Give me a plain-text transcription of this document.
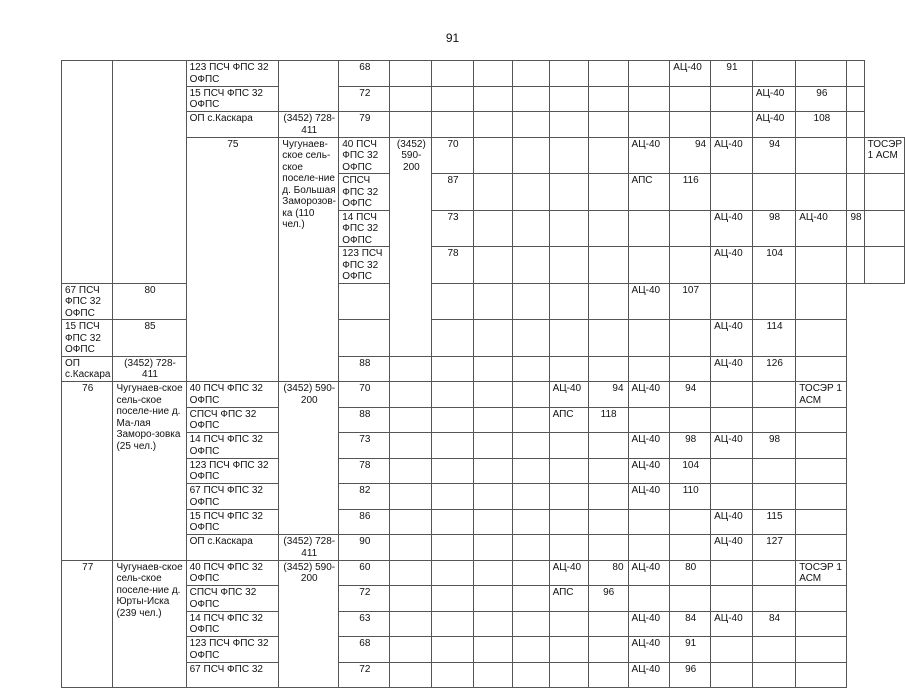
91
		123 ПСЧ ФПС 32 ОФПС		68								АЦ-40	91				
		15 ПСЧ ФПС 32 ОФПС		72										АЦ-40	96		
		ОП с.Каскара	(3452) 728-411	79										АЦ-40	108		
		75	Чугунаев-ское сель-ское поселе-ние д. Большая Заморозов-ка (110 чел.)	40 ПСЧ ФПС 32 ОФПС	(3452) 590-200	70					АЦ-40	94	АЦ-40	94			ТОСЭР 1 АСМ
				СПСЧ ФПС 32 ОФПС		87					АПС	116					
				14 ПСЧ ФПС 32 ОФПС		73							АЦ-40	98	АЦ-40	98	
				123 ПСЧ ФПС 32 ОФПС		78							АЦ-40	104			
67 ПСЧ ФПС 32 ОФПС	80										АЦ-40	107					
15 ПСЧ ФПС 32 ОФПС	85												АЦ-40	114			
ОП с.Каскара	(3452) 728-411			88									АЦ-40	126			
76	Чугунаев-ское сель-ское поселе-ние д. Ма-лая Заморо-зовка (25 чел.)	40 ПСЧ ФПС 32 ОФПС	(3452) 590-200	70					АЦ-40	94	АЦ-40	94			ТОСЭР 1 АСМ		
		СПСЧ ФПС 32 ОФПС		88					АПС	118							
		14 ПСЧ ФПС 32 ОФПС		73							АЦ-40	98	АЦ-40	98			
		123 ПСЧ ФПС 32 ОФПС		78							АЦ-40	104					
		67 ПСЧ ФПС 32 ОФПС		82							АЦ-40	110					
		15 ПСЧ ФПС 32 ОФПС		86									АЦ-40	115			
		ОП с.Каскара	(3452) 728-411	90									АЦ-40	127			
77	Чугунаев-ское сель-ское поселе-ние д. Юрты-Иска (239 чел.)	40 ПСЧ ФПС 32 ОФПС	(3452) 590-200	60					АЦ-40	80	АЦ-40	80			ТОСЭР 1 АСМ		
		СПСЧ ФПС 32 ОФПС		72					АПС	96							
		14 ПСЧ ФПС 32 ОФПС		63							АЦ-40	84	АЦ-40	84			
		123 ПСЧ ФПС 32 ОФПС		68							АЦ-40	91					
		67 ПСЧ ФПС 32		72							АЦ-40	96					
